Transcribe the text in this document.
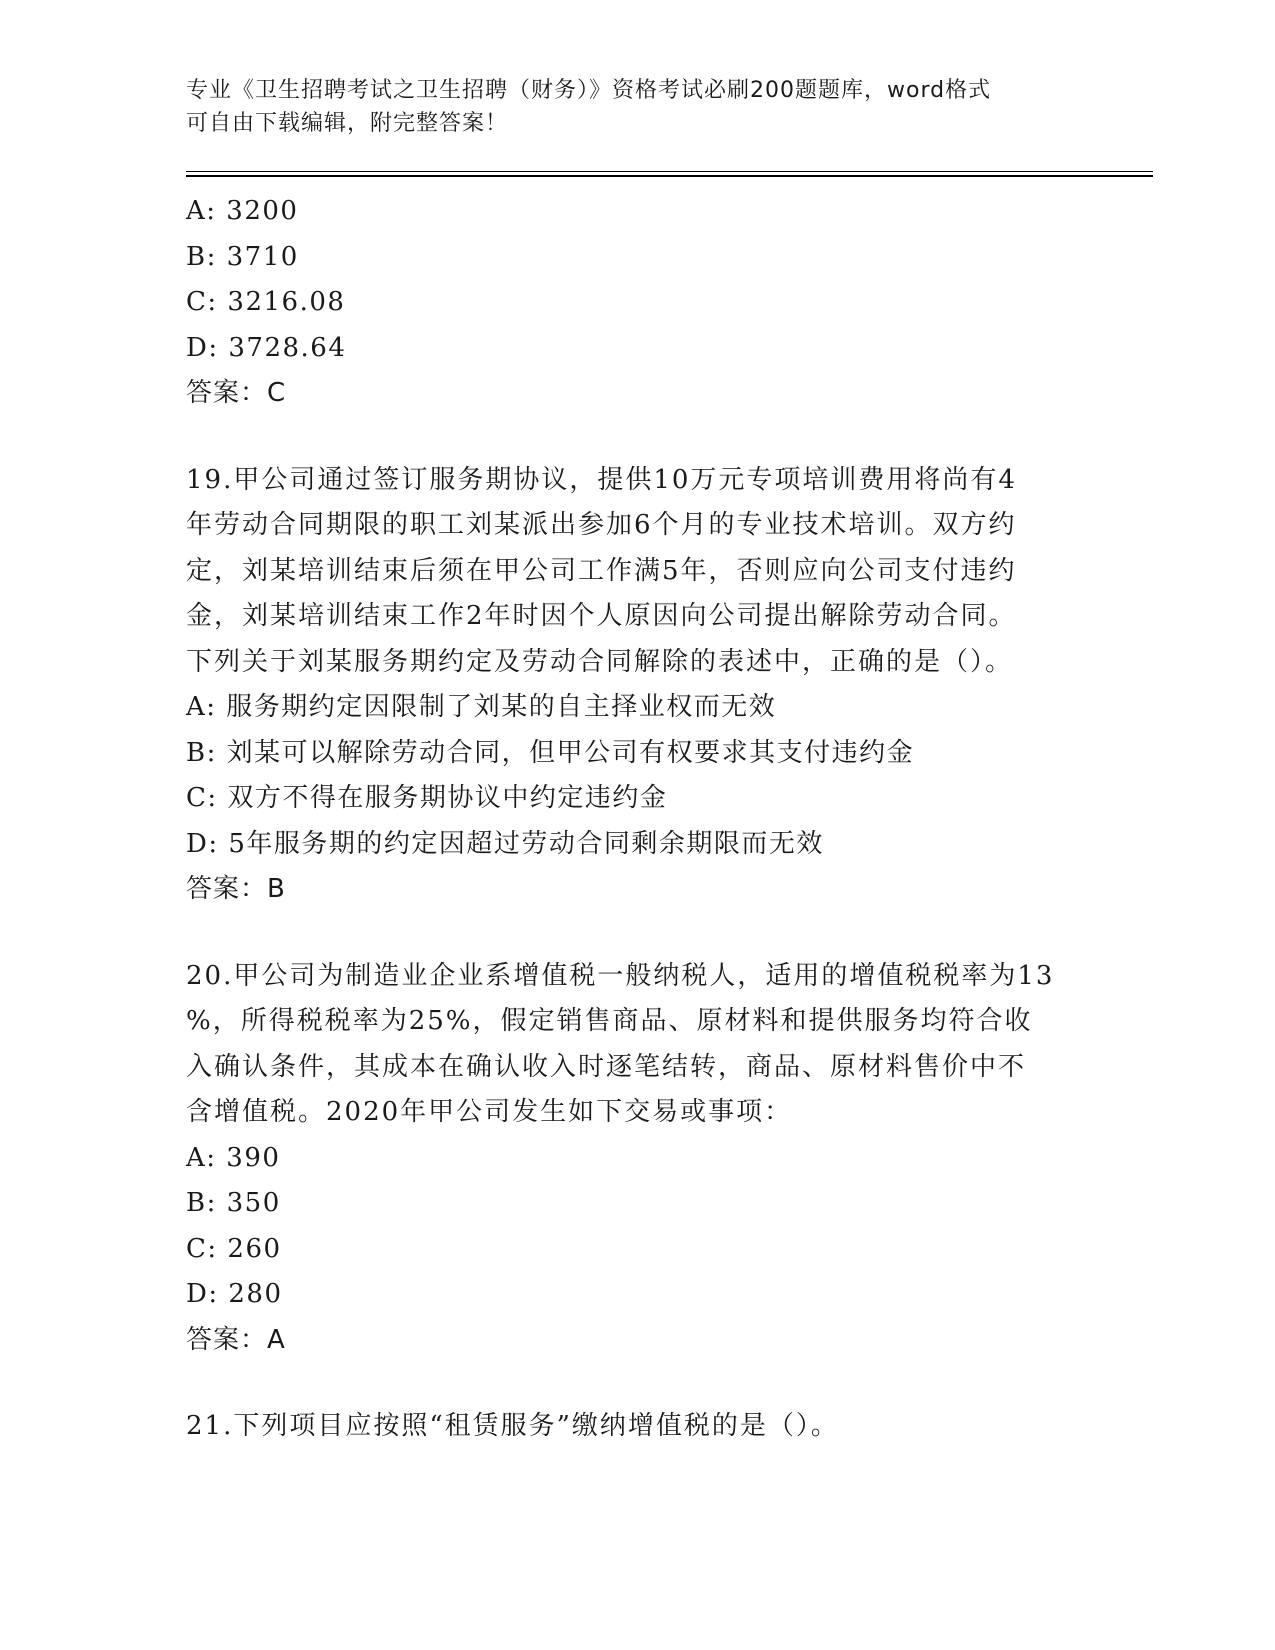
专业《卫生招聘考试之卫生招聘（财务）》资格考试必刷200题题库，word格式
可自由下载编辑，附完整答案！
A: 3200
B: 3710
C: 3216.08
D: 3728.64
答案：C
19.甲公司通过签订服务期协议，提供10万元专项培训费用将尚有4
年劳动合同期限的职工刘某派出参加6个月的专业技术培训。双方约
定，刘某培训结束后须在甲公司工作满5年，否则应向公司支付违约
金，刘某培训结束工作2年时因个人原因向公司提出解除劳动合同。
下列关于刘某服务期约定及劳动合同解除的表述中，正确的是（）。
A: 服务期约定因限制了刘某的自主择业权而无效
B: 刘某可以解除劳动合同，但甲公司有权要求其支付违约金
C: 双方不得在服务期协议中约定违约金
D: 5年服务期的约定因超过劳动合同剩余期限而无效
答案：B
20.甲公司为制造业企业系增值税一般纳税人，适用的增值税税率为13
%，所得税税率为25%，假定销售商品、原材料和提供服务均符合收
入确认条件，其成本在确认收入时逐笔结转，商品、原材料售价中不
含增值税。2020年甲公司发生如下交易或事项：
A: 390
B: 350
C: 260
D: 280
答案：A
21.下列项目应按照“租赁服务”缴纳增值税的是（）。
